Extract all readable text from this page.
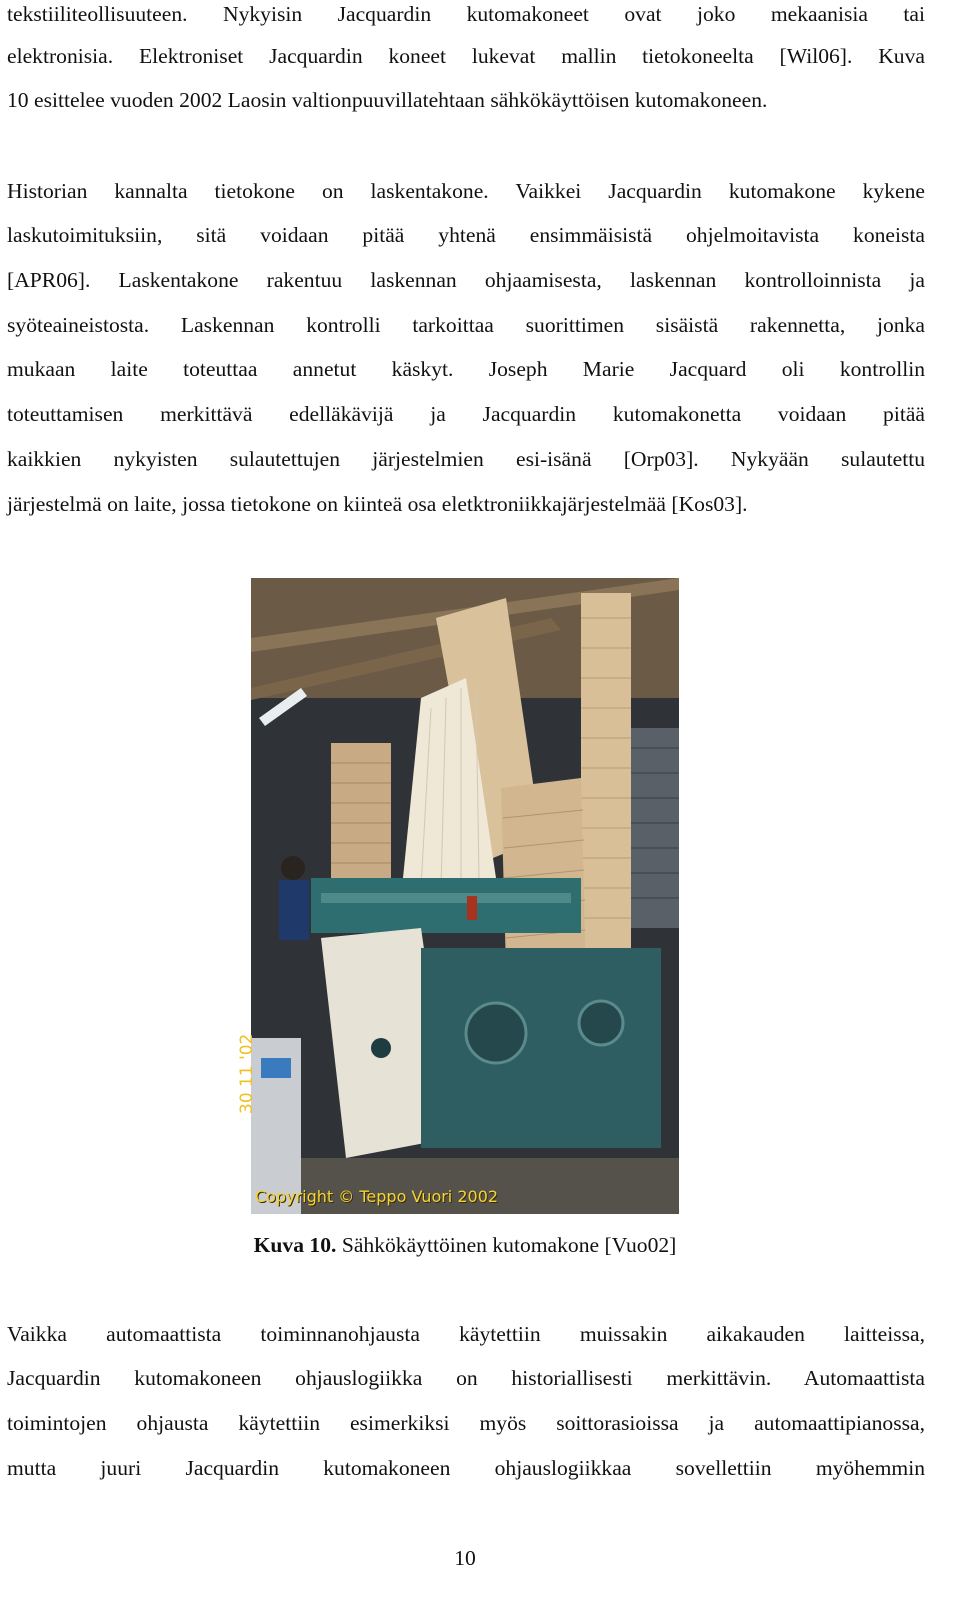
tekstiiliteollisuuteen. Nykyisin Jacquardin kutomakoneet ovat joko mekaanisia tai
elektronisia. Elektroniset Jacquardin koneet lukevat mallin tietokoneelta [Wil06]. Kuva
10 esittelee vuoden 2002 Laosin valtionpuuvillatehtaan sähkökäyttöisen kutomakoneen.
Historian kannalta tietokone on laskentakone. Vaikkei Jacquardin kutomakone kykene
laskutoimituksiin, sitä voidaan pitää yhtenä ensimmäisistä ohjelmoitavista koneista
[APR06]. Laskentakone rakentuu laskennan ohjaamisesta, laskennan kontrolloinnista ja
syöteaineistosta. Laskennan kontrolli tarkoittaa suorittimen sisäistä rakennetta, jonka
mukaan laite toteuttaa annetut käskyt. Joseph Marie Jacquard oli kontrollin
toteuttamisen merkittävä edelläkävijä ja Jacquardin kutomakonetta voidaan pitää
kaikkien nykyisten sulautettujen järjestelmien esi-isänä [Orp03]. Nykyään sulautettu
järjestelmä on laite, jossa tietokone on kiinteä osa eletktroniikkajärjestelmää [Kos03].
30 11 '02
Copyright © Teppo Vuori 2002
Kuva 10. Sähkökäyttöinen kutomakone [Vuo02]
Vaikka automaattista toiminnanohjausta käytettiin muissakin aikakauden laitteissa,
Jacquardin kutomakoneen ohjauslogiikka on historiallisesti merkittävin. Automaattista
toimintojen ohjausta käytettiin esimerkiksi myös soittorasioissa ja automaattipianossa,
mutta juuri Jacquardin kutomakoneen ohjauslogiikkaa sovellettiin myöhemmin
10
